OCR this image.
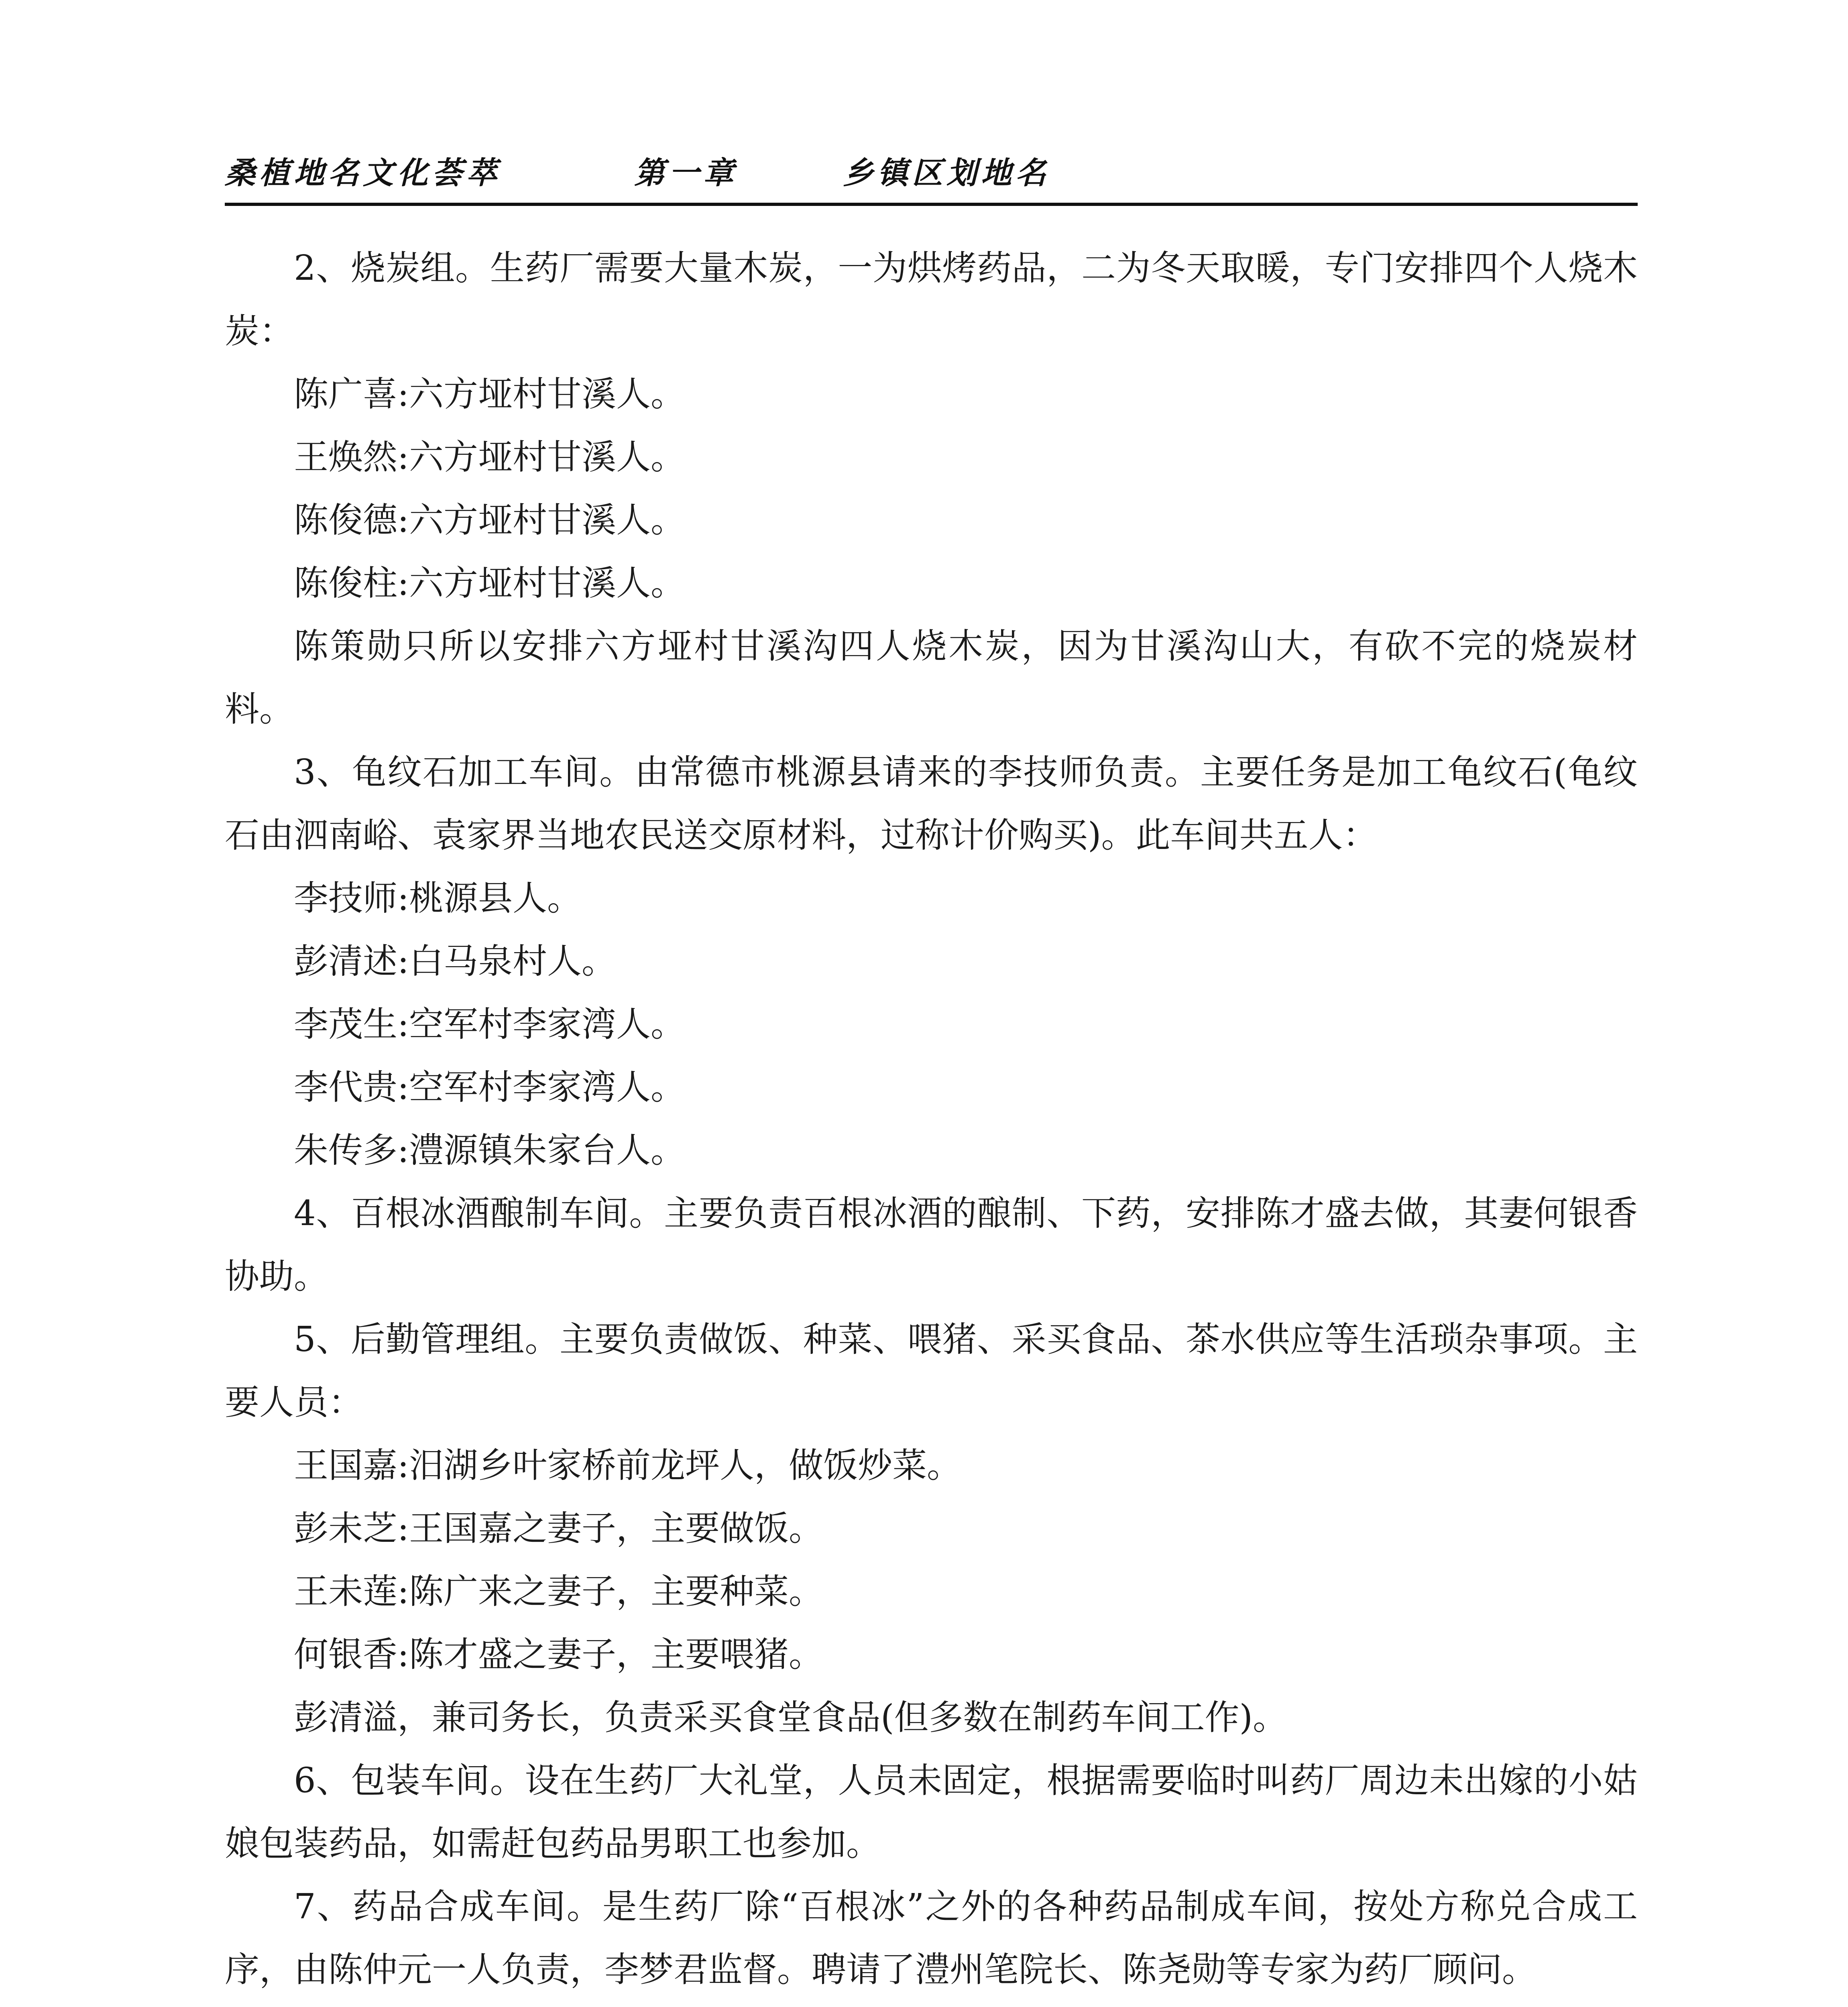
桑植地名文化荟萃	第一章	乡镇区划地名

2、烧炭组。生药厂需要大量木炭，一为烘烤药品，二为冬天取暖，专门安排四个人烧木炭：

陈广喜:六方垭村甘溪人。

王焕然:六方垭村甘溪人。

陈俊德:六方垭村甘溪人。

陈俊柱:六方垭村甘溪人。

陈策勋只所以安排六方垭村甘溪沟四人烧木炭，因为甘溪沟山大，有砍不完的烧炭材料。

3、龟纹石加工车间。由常德市桃源县请来的李技师负责。主要任务是加工龟纹石(龟纹石由泗南峪、袁家界当地农民送交原材料，过称计价购买)。此车间共五人：

李技师:桃源县人。

彭清述:白马泉村人。

李茂生:空军村李家湾人。

李代贵:空军村李家湾人。

朱传多:澧源镇朱家台人。

4、百根冰酒酿制车间。主要负责百根冰酒的酿制、下药，安排陈才盛去做，其妻何银香协助。

5、后勤管理组。主要负责做饭、种菜、喂猪、采买食品、茶水供应等生活琐杂事项。主要人员：

王国嘉:汨湖乡叶家桥前龙坪人，做饭炒菜。

彭未芝:王国嘉之妻子，主要做饭。

王未莲:陈广来之妻子，主要种菜。

何银香:陈才盛之妻子，主要喂猪。

彭清溢，兼司务长，负责采买食堂食品(但多数在制药车间工作)。

6、包装车间。设在生药厂大礼堂，人员未固定，根据需要临时叫药厂周边未出嫁的小姑娘包装药品，如需赶包药品男职工也参加。

7、药品合成车间。是生药厂除“百根冰”之外的各种药品制成车间，按处方称兑合成工序，由陈仲元一人负责，李梦君监督。聘请了澧州笔院长、陈尧勋等专家为药厂顾问。
